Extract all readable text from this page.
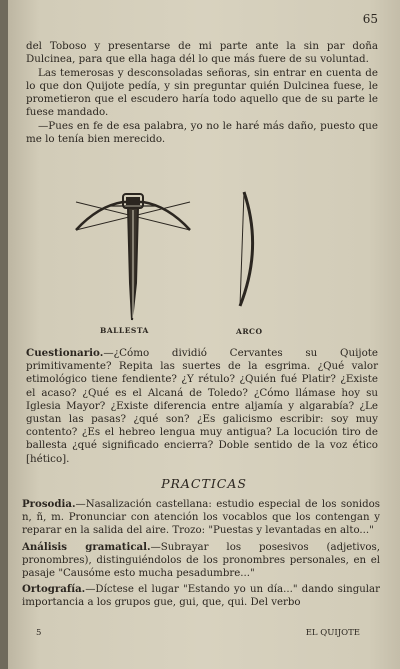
65

del Toboso y presentarse de mi parte ante la sin par doña Dulcinea, para que ella haga dél lo que más fuere de su voluntad.

Las temerosas y desconsoladas señoras, sin entrar en cuenta de lo que don Quijote pedía, y sin preguntar quién Dulcinea fuese, le prometieron que el escudero haría todo aquello que de su parte le fuese mandado.

—Pues en fe de esa palabra, yo no le haré más daño, puesto que me lo tenía bien merecido.

BALLESTA	ARCO
Cuestionario.—¿Cómo dividió Cervantes su Quijote primitivamente? Repita las suertes de la esgrima. ¿Qué valor etimológico tiene fendiente? ¿Y rétulo? ¿Quién fué Platir? ¿Existe el acaso? ¿Qué es el Alcaná de Toledo? ¿Cómo llámase hoy su Iglesia Mayor? ¿Existe diferencia entre aljamía y algarabía? ¿Le gustan las pasas? ¿qué son? ¿Es galicismo escribir: soy muy contento? ¿Es el hebreo lengua muy antigua? La locución tiro de ballesta ¿qué significado encierra? Doble sentido de la voz ético [hético].
PRACTICAS
Prosodia.—Nasalización castellana: estudio especial de los sonidos n, ñ, m. Pronunciar con atención los vocablos que los contengan y reparar en la salida del aire. Trozo: "Puestas y levantadas en alto..."
Análisis gramatical.—Subrayar los posesivos (adjetivos, pronombres), distinguiéndolos de los pronombres personales, en el pasaje "Causóme esto mucha pesadumbre..."
Ortografía.—Díctese el lugar "Estando yo un día..." dando singular importancia a los grupos gue, gui, que, qui. Del verbo
5	EL QUIJOTE
